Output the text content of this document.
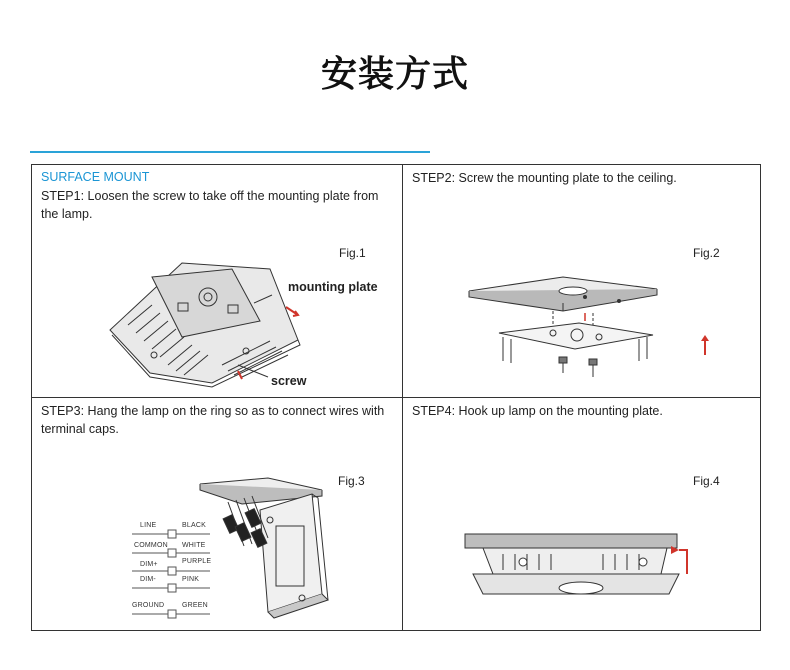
安装方式
SURFACE MOUNT
STEP1: Loosen the screw to take off the mounting plate from the lamp.
Fig.1
mounting plate
screw
STEP2: Screw the mounting plate to the ceiling.
Fig.2
STEP3: Hang the lamp on the ring so as to connect wires with terminal caps.
Fig.3
LINE	BLACK
COMMON WHITE
DIM+	PURPLE
DIM-	PINK
GROUND	GREEN
STEP4: Hook up lamp on the mounting plate.
Fig.4
